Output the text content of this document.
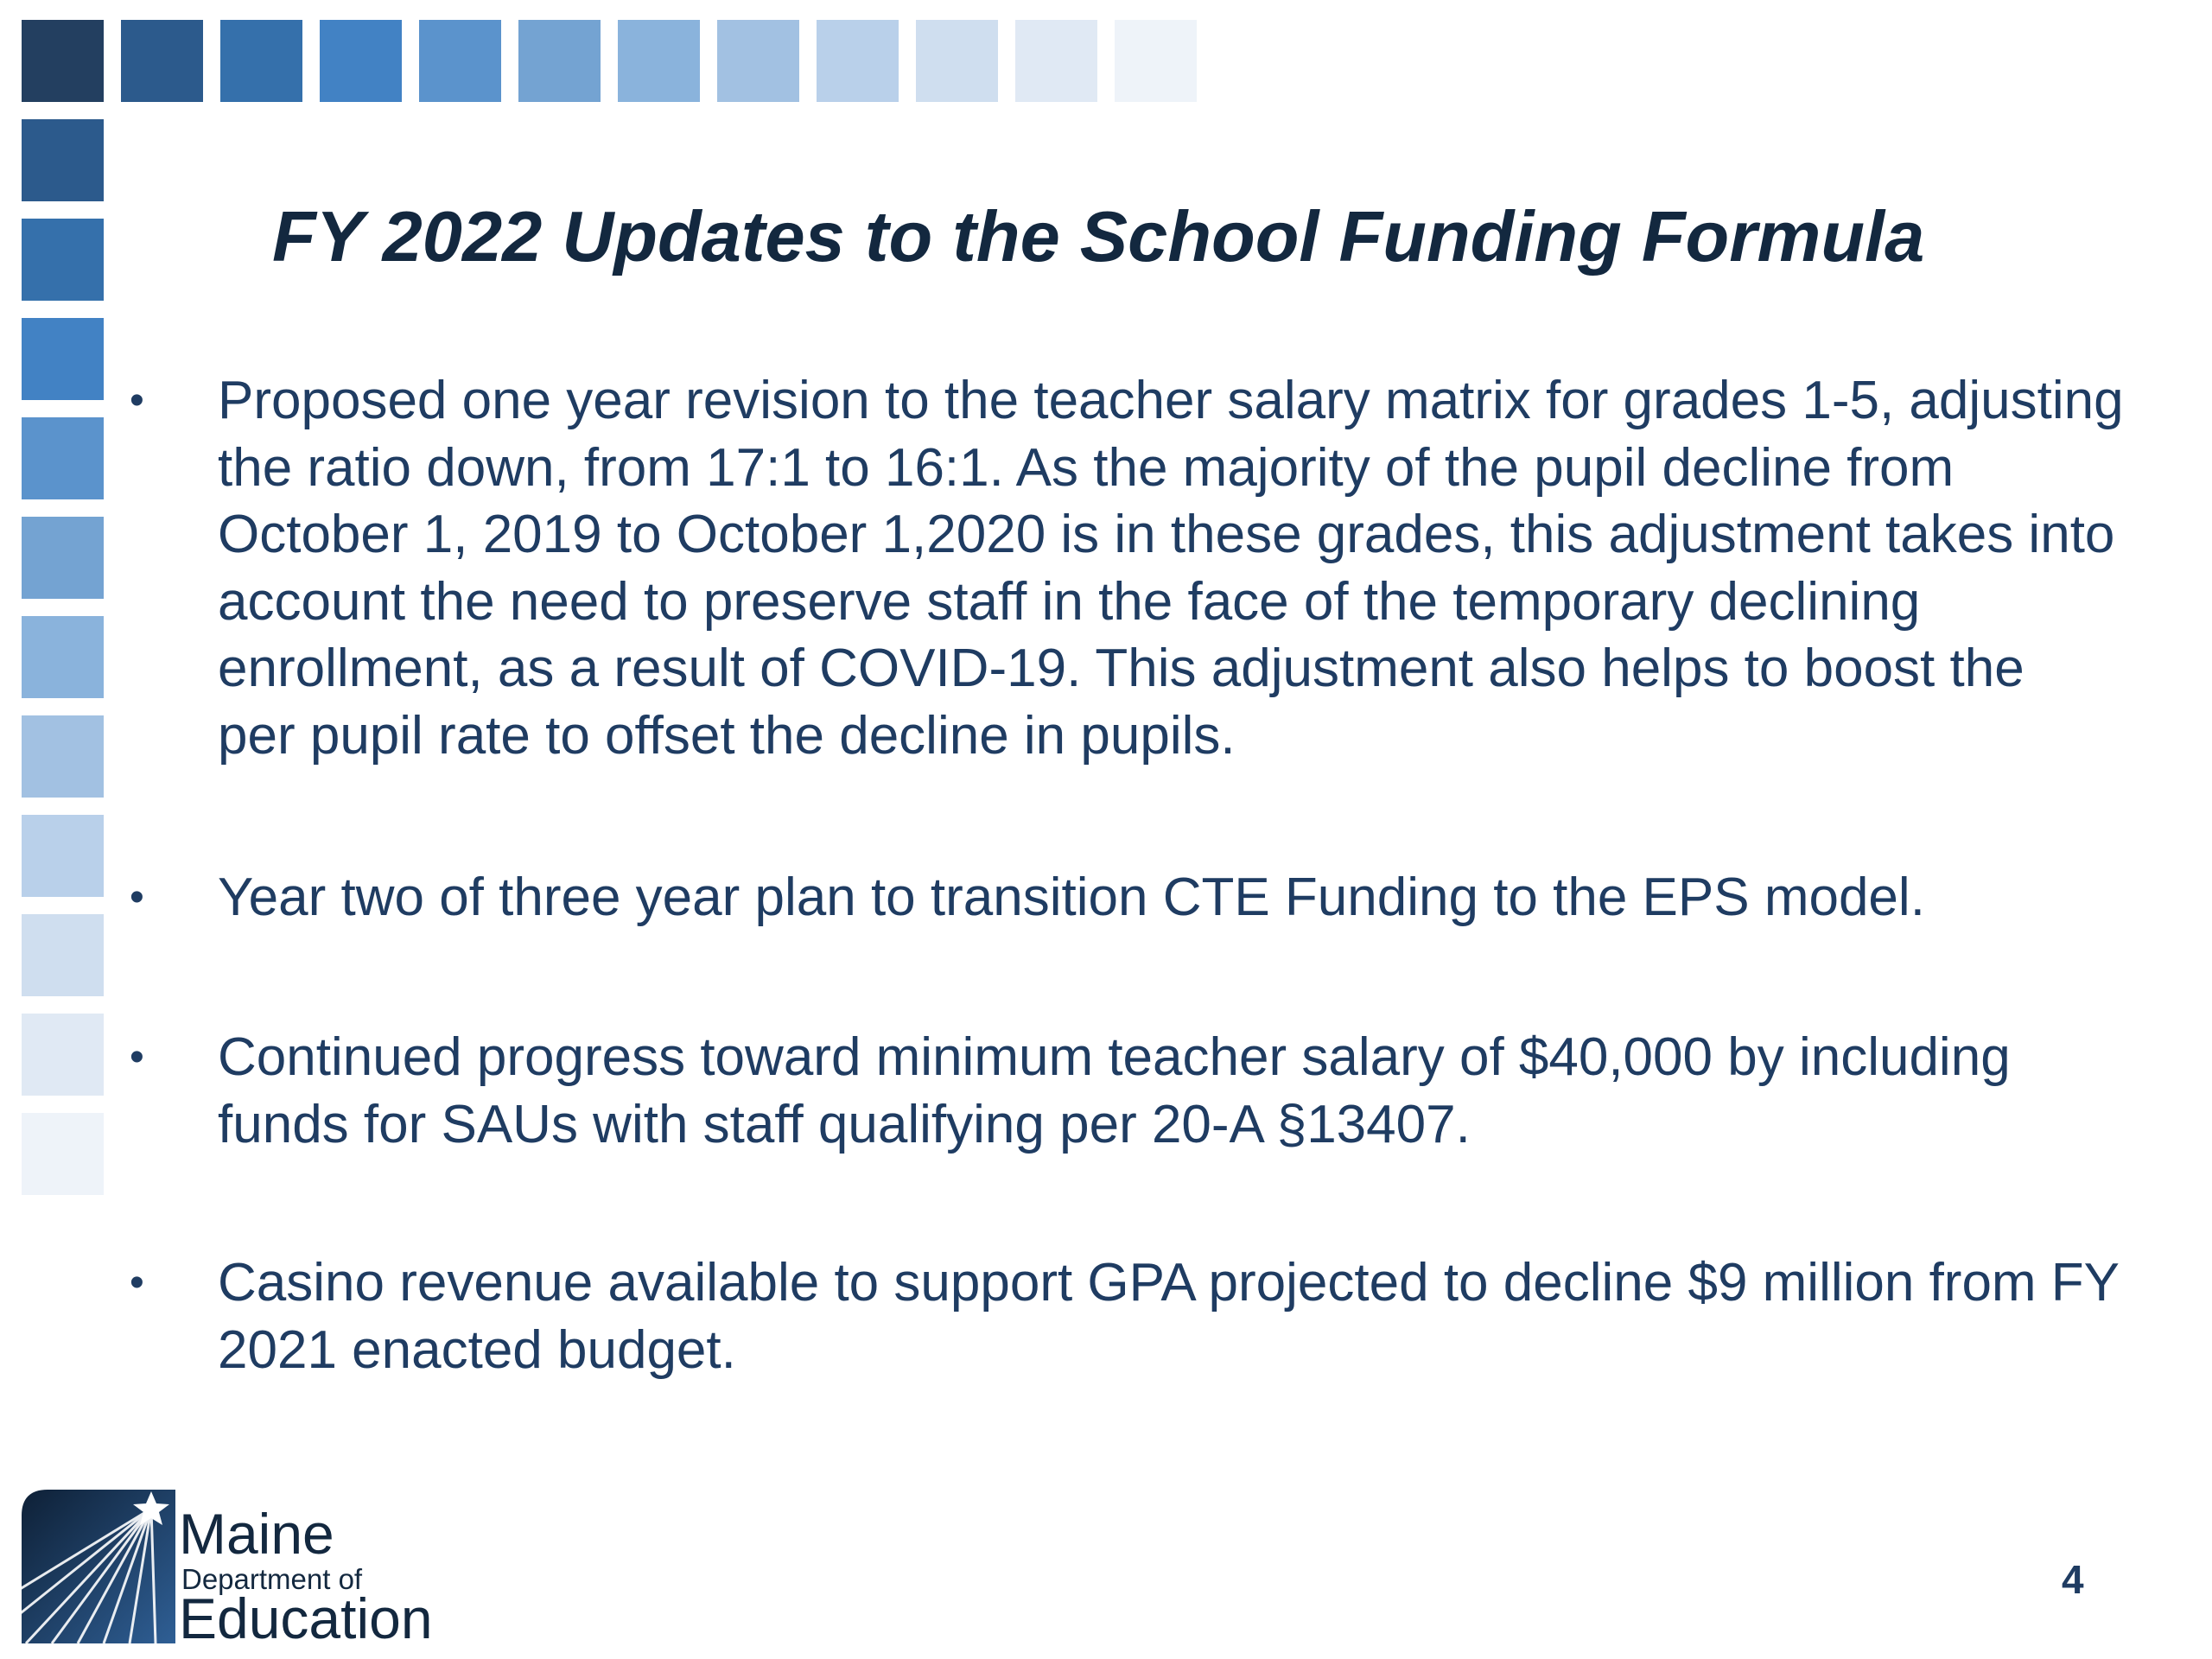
FY 2022 Updates to the School Funding Formula
•	Proposed one year revision to the teacher salary matrix for grades 1-5, adjusting
the ratio down, from 17:1 to 16:1. As the majority of the pupil decline from
October 1, 2019 to October 1,2020 is in these grades, this adjustment takes into
account the need to preserve staff in the face of the temporary declining
enrollment, as a result of COVID-19. This adjustment also helps to boost the
per pupil rate to offset the decline in pupils.
•	Year two of three year plan to transition CTE Funding to the EPS model.
•	Continued progress toward minimum teacher salary of $40,000 by including
funds for SAUs with staff qualifying per 20-A §13407.
•	Casino revenue available to support GPA projected to decline $9 million from FY
2021 enacted budget.
Maine
Department of
Education
4
